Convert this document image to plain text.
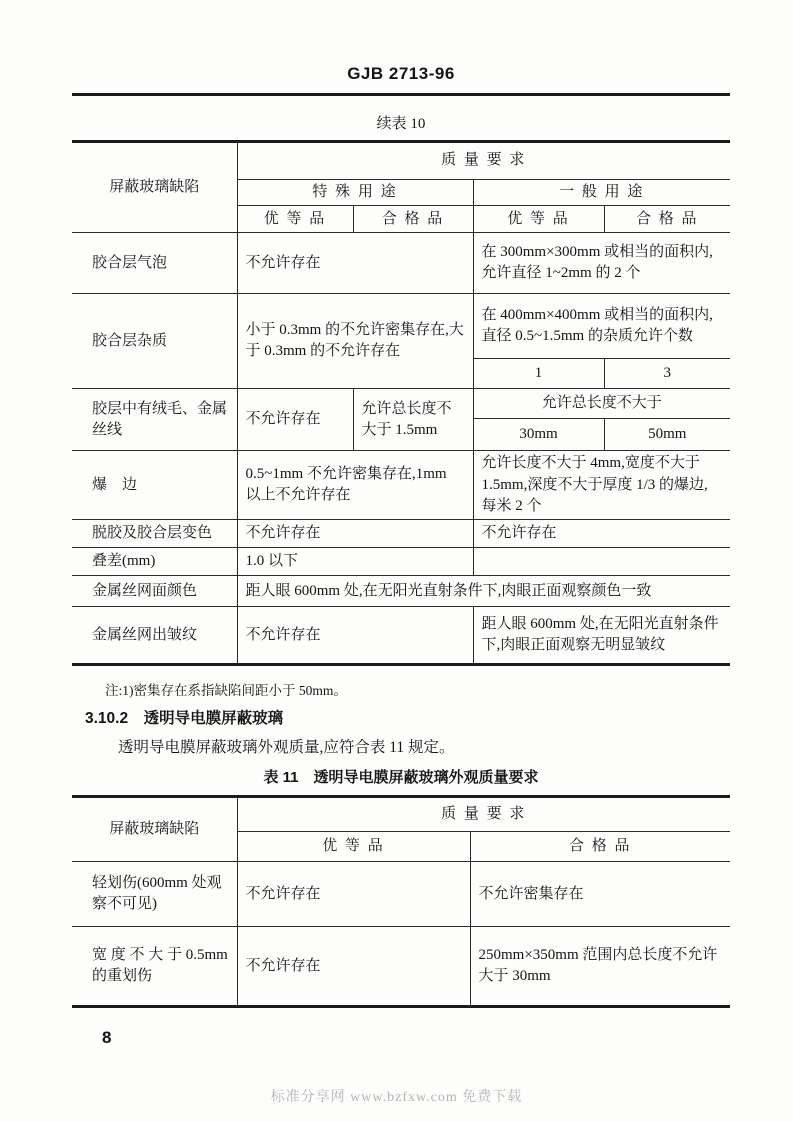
GJB 2713-96
续表 10
屏蔽玻璃缺陷	质 量 要 求			
	特 殊 用 途		一 般 用 途	
	优 等 品	合 格 品	优 等 品	合 格 品
胶合层气泡	不允许存在		在 300mm×300mm 或相当的面积内,允许直径 1~2mm 的 2 个	
胶合层杂质	小于 0.3mm 的不允许密集存在,大于 0.3mm 的不允许存在		在 400mm×400mm 或相当的面积内,直径 0.5~1.5mm 的杂质允许个数	
			1	3
胶层中有绒毛、金属丝线	不允许存在	允许总长度不大于 1.5mm	允许总长度不大于	
			30mm	50mm
爆　边	0.5~1mm 不允许密集存在,1mm 以上不允许存在		允许长度不大于 4mm,宽度不大于 1.5mm,深度不大于厚度 1/3 的爆边,每米 2 个	
脱胶及胶合层变色	不允许存在		不允许存在	
叠差(mm)	1.0 以下			
金属丝网面颜色	距人眼 600mm 处,在无阳光直射条件下,肉眼正面观察颜色一致			
金属丝网出皱纹	不允许存在		距人眼 600mm 处,在无阳光直射条件下,肉眼正面观察无明显皱纹	
注:1)密集存在系指缺陷间距小于 50mm。
3.10.2　透明导电膜屏蔽玻璃
透明导电膜屏蔽玻璃外观质量,应符合表 11 规定。
表 11　透明导电膜屏蔽玻璃外观质量要求
屏蔽玻璃缺陷	质 量 要 求	
	优 等 品	合 格 品
轻划伤(600mm 处观察不可见)	不允许存在	不允许密集存在
宽 度 不 大 于 0.5mm的重划伤	不允许存在	250mm×350mm 范围内总长度不允许大于 30mm
8
标准分享网 www.bzfxw.com 免费下载
